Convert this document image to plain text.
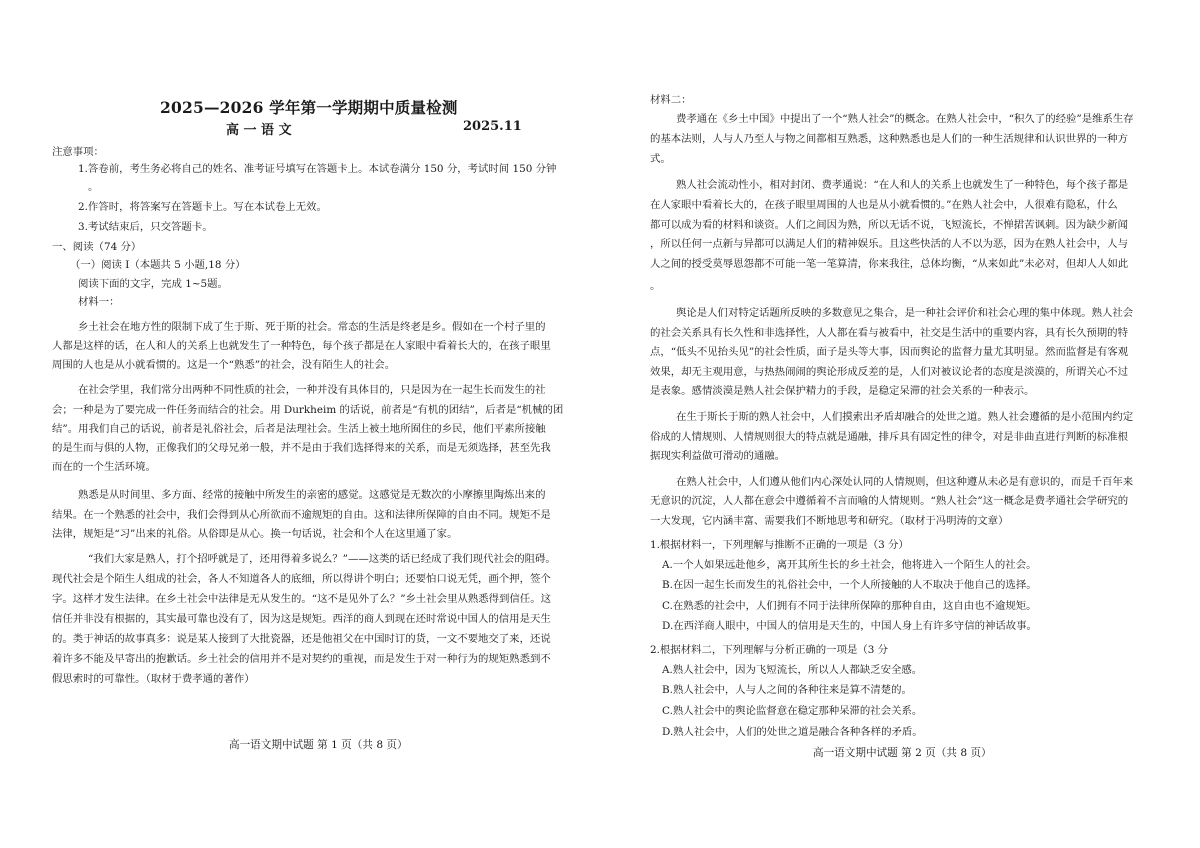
2025—2026 学年第一学期期中质量检测
高 一 语 文	2025.11
注意事项：
1.答卷前，考生务必将自己的姓名、准考证号填写在答题卡上。本试卷满分 150 分，考试时间 150 分钟
。
2.作答时，将答案写在答题卡上。写在本试卷上无效。
3.考试结束后，只交答题卡。
一、阅读（74 分）
（一）阅读 I（本题共 5 小题,18 分）
阅读下面的文字，完成 1~5题。
材料一：
乡土社会在地方性的限制下成了生于斯、死于斯的社会。常态的生活是终老是乡。假如在一个村子里的
人都是这样的话，在人和人的关系上也就发生了一种特色，每个孩子都是在人家眼中看着长大的，在孩子眼里
周围的人也是从小就看惯的。这是一个“熟悉”的社会，没有陌生人的社会。
在社会学里，我们常分出两种不同性质的社会，一种并没有具体目的，只是因为在一起生长而发生的社
会；一种是为了要完成一件任务而结合的社会。用 Durkheim 的话说，前者是“有机的团结”，后者是“机械的团
结”。用我们自己的话说，前者是礼俗社会，后者是法理社会。生活上被土地所囿住的乡民，他们平素所接触
的是生而与俱的人物，正像我们的父母兄弟一般，并不是由于我们选择得来的关系，而是无须选择，甚至先我
而在的一个生活环境。
熟悉是从时间里、多方面、经常的接触中所发生的亲密的感觉。这感觉是无数次的小摩擦里陶炼出来的
结果。在一个熟悉的社会中，我们会得到从心所欲而不逾规矩的自由。这和法律所保障的自由不同。规矩不是
法律，规矩是“习”出来的礼俗。从俗即是从心。换一句话说，社会和个人在这里通了家。
“我们大家是熟人，打个招呼就是了，还用得着多说么？”——这类的话已经成了我们现代社会的阻碍。
现代社会是个陌生人组成的社会，各人不知道各人的底细，所以得讲个明白；还要怕口说无凭，画个押，签个
字。这样才发生法律。在乡土社会中法律是无从发生的。“这不是见外了么？”乡土社会里从熟悉得到信任。这
信任并非没有根据的，其实最可靠也没有了，因为这是规矩。西洋的商人到现在还时常说中国人的信用是天生
的。类于神话的故事真多：说是某人接到了大批瓷器，还是他祖父在中国时订的货，一文不要地交了来，还说
着许多不能及早寄出的抱歉话。乡土社会的信用并不是对契约的重视，而是发生于对一种行为的规矩熟悉到不
假思索时的可靠性。（取材于费孝通的著作）
高一语文期中试题 第 1 页（共 8 页）
材料二：
费孝通在《乡土中国》中提出了一个“熟人社会”的概念。在熟人社会中，“积久了的经验”是维系生存
的基本法则，人与人乃至人与物之间都相互熟悉，这种熟悉也是人们的一种生活规律和认识世界的一种方
式。
熟人社会流动性小，相对封闭、费孝通说：“在人和人的关系上也就发生了一种特色，每个孩子都是
在人家眼中看着长大的，在孩子眼里周围的人也是从小就看惯的。”在熟人社会中，人很难有隐私，什么
都可以成为看的材料和谈资。人们之间因为熟，所以无话不说，飞短流长，不惮捃苦讽刺。因为缺少新闻
，所以任何一点新与异都可以满足人们的精神娱乐。且这些快活的人不以为恶，因为在熟人社会中，人与
人之间的授受莫辱恩怨都不可能一笔一笔算清，你来我往，总体均衡，“从来如此”未必对，但却人人如此
。
舆论是人们对特定话题所反映的多数意见之集合，是一种社会评价和社会心理的集中体现。熟人社会
的社会关系具有长久性和非选择性，人人都在看与被看中，社交是生活中的重要内容，具有长久预期的特
点，“低头不见抬头见”的社会性质，面子是头等大事，因而舆论的监督力量尤其明显。然而监督是有客观
效果，却无主观用意，与热热闹闹的舆论形成反差的是，人们对被议论者的态度是淡漠的，所谓关心不过
是表象。感情淡漠是熟人社会保护精力的手段，是稳定呆滞的社会关系的一种表示。
在生于斯长于斯的熟人社会中，人们摸索出矛盾却融合的处世之道。熟人社会遵循的是小范围内约定
俗成的人情规则、人情规则很大的特点就是通融，排斥具有固定性的律令，对是非曲直进行判断的标准根
据现实利益做可滑动的通融。
在熟人社会中，人们遵从他们内心深处认同的人情规则，但这种遵从未必是有意识的，而是千百年来
无意识的沉淀，人人都在意会中遵循着不言而喻的人情规则。“熟人社会”这一概念是费孝通社会学研究的
一大发现，它内涵丰富、需要我们不断地思考和研究。（取材于冯明涛的文章）
1.根据材料一，下列理解与推断不正确的一项是（3 分）
A.一个人如果远赴他乡，离开其所生长的乡土社会，他将进入一个陌生人的社会。
B.在因一起生长而发生的礼俗社会中，一个人所接触的人不取决于他自己的选择。
C.在熟悉的社会中，人们拥有不同于法律所保障的那种自由，这自由也不逾规矩。
D.在西洋商人眼中，中国人的信用是天生的，中国人身上有许多守信的神话故事。
2.根据材料二，下列理解与分析正确的一项是（3 分
A.熟人社会中，因为飞短流长，所以人人都缺乏安全感。
B.熟人社会中，人与人之间的各种往来是算不清楚的。
C.熟人社会中的舆论监督意在稳定那种呆滞的社会关系。
D.熟人社会中，人们的处世之道是融合各种各样的矛盾。
高一语文期中试题 第 2 页（共 8 页）
